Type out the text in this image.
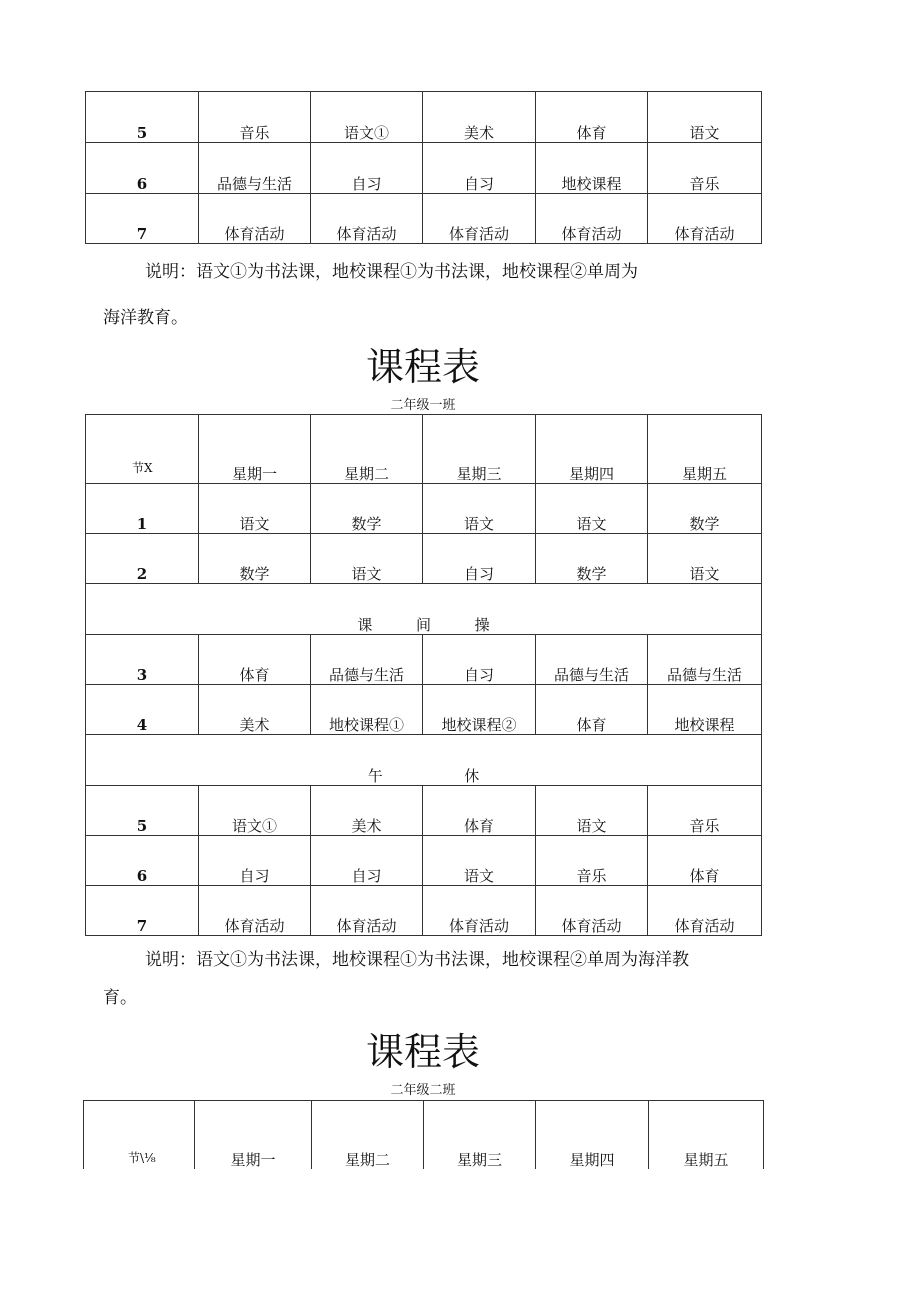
5	音乐	语文①	美术	体育	语文
6	品德与生活	自习	自习	地校课程	音乐
7	体育活动	体育活动	体育活动	体育活动	体育活动
说明：语文①为书法课，地校课程①为书法课，地校课程②单周为
海洋教育。
课程表
二年级一班
节X	星期一	星期二	星期三	星期四	星期五
1	语文	数学	语文	语文	数学
2	数学	语文	自习	数学	语文
课 间 操					
3	体育	品德与生活	自习	品德与生活	品德与生活
4	美术	地校课程①	地校课程②	体育	地校课程
午 休					
5	语文①	美术	体育	语文	音乐
6	自习	自习	语文	音乐	体育
7	体育活动	体育活动	体育活动	体育活动	体育活动
说明：语文①为书法课，地校课程①为书法课，地校课程②单周为海洋教
育。
课程表
二年级二班
节\⅛	星期一	星期二	星期三	星期四	星期五
